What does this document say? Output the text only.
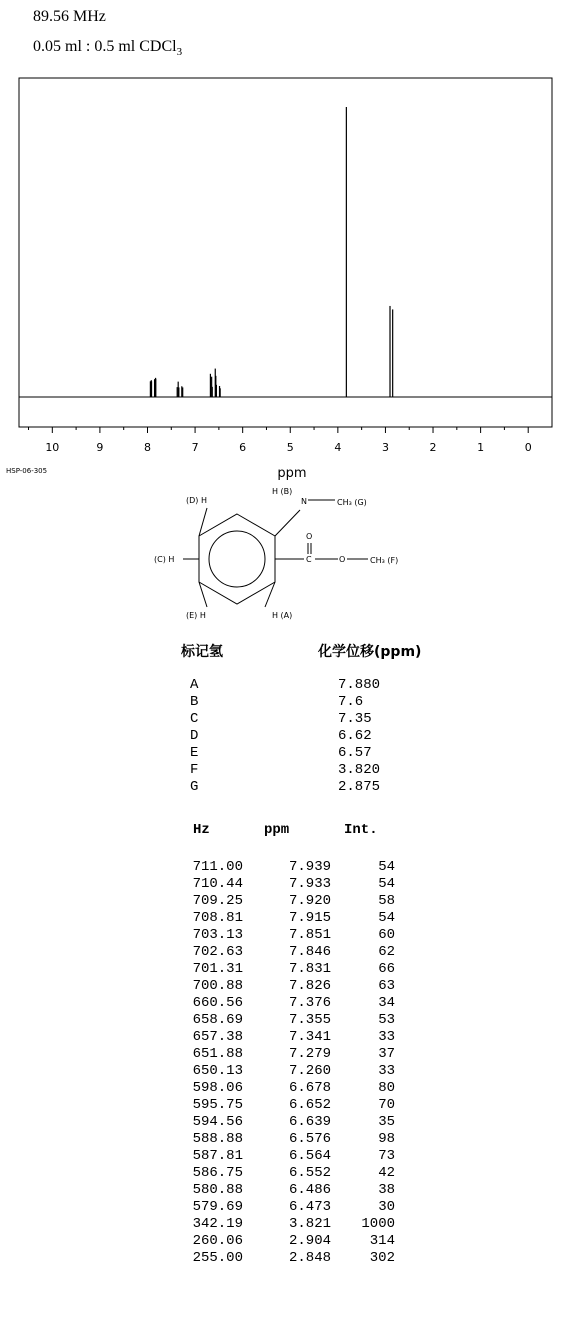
89.56 MHz
0.05 ml : 0.5 ml CDCl$_3$
10	9	8	7	6	5	4	3	2	1	0
ppm
(D) H
H (B)
N	CH₃ (G)
O
C	O	CH₃ (F)
(C) H
(E) H	H (A)
HSP-06-305
标记氢	化学位移(ppm)
A	7.880
B	7.6
C	7.35
D	6.62
E	6.57
F	3.820
G	2.875
Hz	ppm	Int.
711.00	7.939	54
710.44	7.933	54
709.25	7.920	58
708.81	7.915	54
703.13	7.851	60
702.63	7.846	62
701.31	7.831	66
700.88	7.826	63
660.56	7.376	34
658.69	7.355	53
657.38	7.341	33
651.88	7.279	37
650.13	7.260	33
598.06	6.678	80
595.75	6.652	70
594.56	6.639	35
588.88	6.576	98
587.81	6.564	73
586.75	6.552	42
580.88	6.486	38
579.69	6.473	30
342.19	3.821	1000
260.06	2.904	314
255.00	2.848	302
